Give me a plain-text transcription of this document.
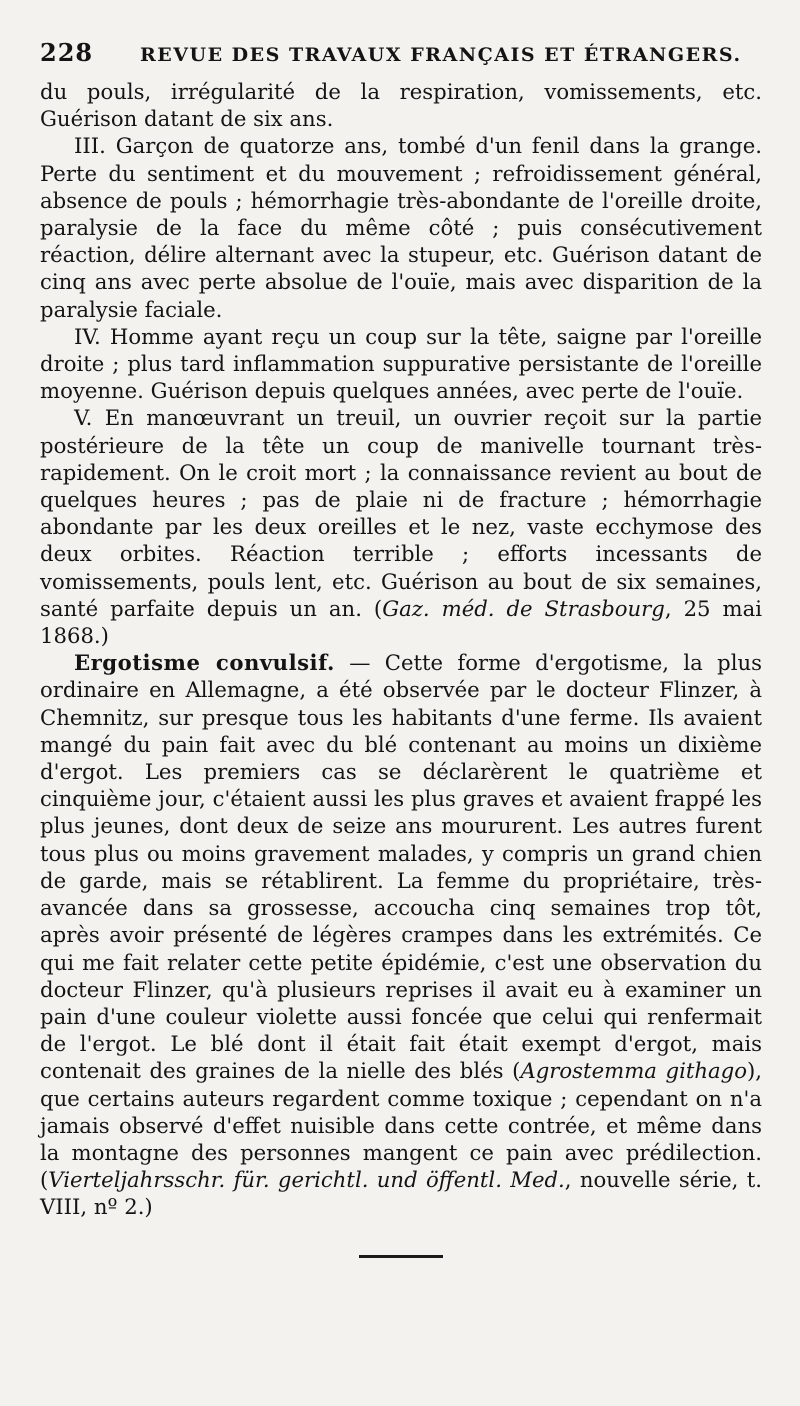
228	REVUE DES TRAVAUX FRANÇAIS ET ÉTRANGERS.

du pouls, irrégularité de la respiration, vomissements, etc. Guérison datant de six ans.

III. Garçon de quatorze ans, tombé d'un fenil dans la grange. Perte du sentiment et du mouvement ; refroidissement général, absence de pouls ; hémorrhagie très-abondante de l'oreille droite, paralysie de la face du même côté ; puis consécutivement réaction, délire alternant avec la stupeur, etc. Guérison datant de cinq ans avec perte absolue de l'ouïe, mais avec disparition de la paralysie faciale.

IV. Homme ayant reçu un coup sur la tête, saigne par l'oreille droite ; plus tard inflammation suppurative persistante de l'oreille moyenne. Guérison depuis quelques années, avec perte de l'ouïe.

V. En manœuvrant un treuil, un ouvrier reçoit sur la partie postérieure de la tête un coup de manivelle tournant très-rapidement. On le croit mort ; la connaissance revient au bout de quelques heures ; pas de plaie ni de fracture ; hémorrhagie abondante par les deux oreilles et le nez, vaste ecchymose des deux orbites. Réaction terrible ; efforts incessants de vomissements, pouls lent, etc. Guérison au bout de six semaines, santé parfaite depuis un an. (Gaz. méd. de Strasbourg, 25 mai 1868.)

Ergotisme convulsif. — Cette forme d'ergotisme, la plus ordinaire en Allemagne, a été observée par le docteur Flinzer, à Chemnitz, sur presque tous les habitants d'une ferme. Ils avaient mangé du pain fait avec du blé contenant au moins un dixième d'ergot. Les premiers cas se déclarèrent le quatrième et cinquième jour, c'étaient aussi les plus graves et avaient frappé les plus jeunes, dont deux de seize ans moururent. Les autres furent tous plus ou moins gravement malades, y compris un grand chien de garde, mais se rétablirent. La femme du propriétaire, très-avancée dans sa grossesse, accoucha cinq semaines trop tôt, après avoir présenté de légères crampes dans les extrémités. Ce qui me fait relater cette petite épidémie, c'est une observation du docteur Flinzer, qu'à plusieurs reprises il avait eu à examiner un pain d'une couleur violette aussi foncée que celui qui renfermait de l'ergot. Le blé dont il était fait était exempt d'ergot, mais contenait des graines de la nielle des blés (Agrostemma githago), que certains auteurs regardent comme toxique ; cependant on n'a jamais observé d'effet nuisible dans cette contrée, et même dans la montagne des personnes mangent ce pain avec prédilection. (Vierteljahrsschr. für. gerichtl. und öffentl. Med., nouvelle série, t. VIII, nº 2.)
